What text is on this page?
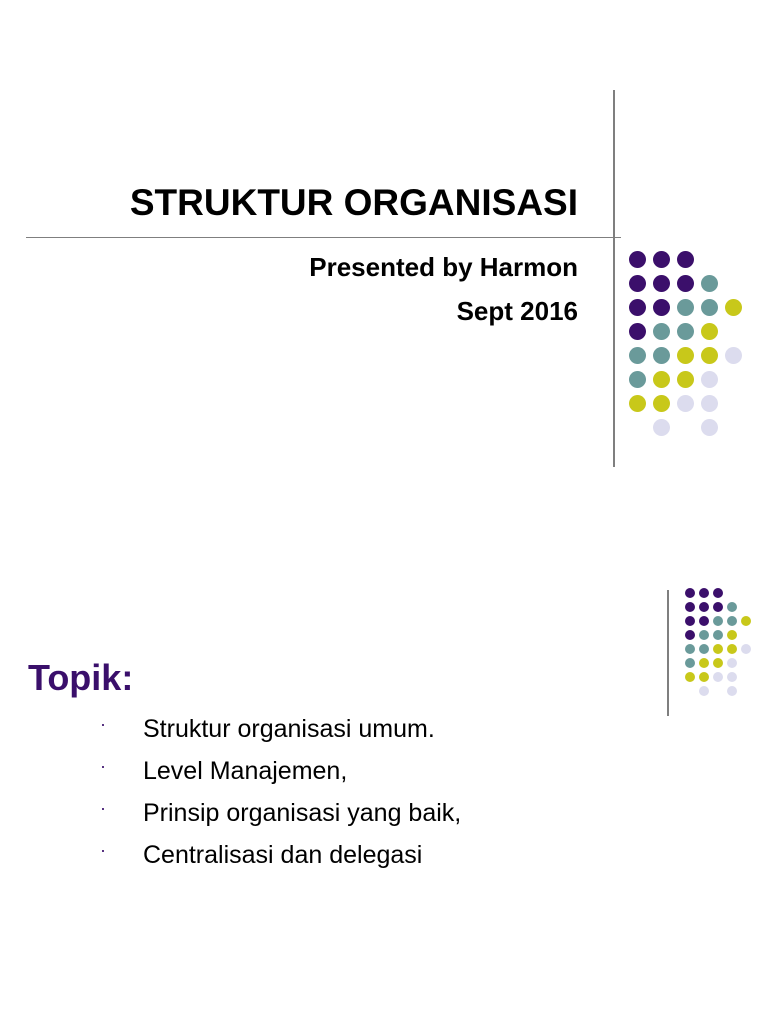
STRUKTUR ORGANISASI
Presented by Harmon
Sept 2016
Topik:
· Struktur organisasi umum.
· Level Manajemen,
· Prinsip organisasi yang baik,
· Centralisasi dan delegasi
